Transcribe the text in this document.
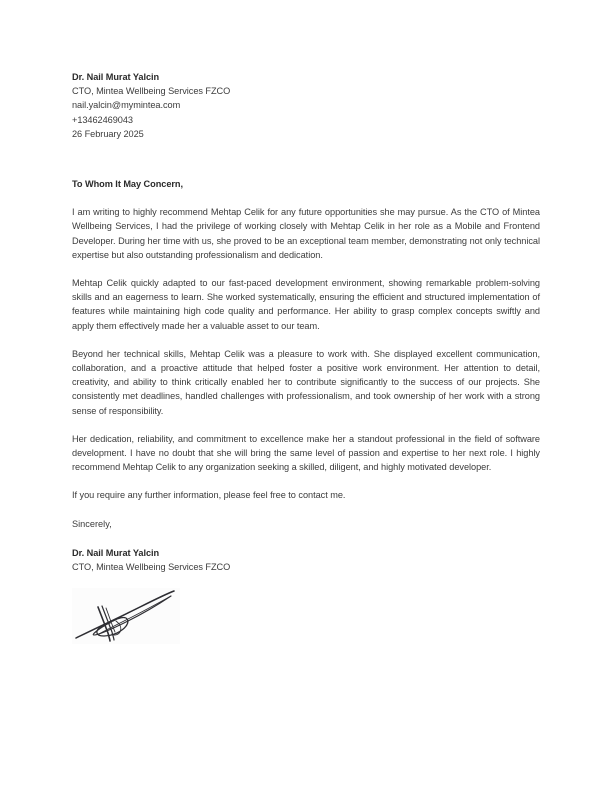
Dr. Nail Murat Yalcin
CTO, Mintea Wellbeing Services FZCO
nail.yalcin@mymintea.com
+13462469043
26 February 2025
To Whom It May Concern,
I am writing to highly recommend Mehtap Celik for any future opportunities she may pursue. As the CTO of Mintea Wellbeing Services, I had the privilege of working closely with Mehtap Celik in her role as a Mobile and Frontend Developer. During her time with us, she proved to be an exceptional team member, demonstrating not only technical expertise but also outstanding professionalism and dedication.
Mehtap Celik quickly adapted to our fast-paced development environment, showing remarkable problem-solving skills and an eagerness to learn. She worked systematically, ensuring the efficient and structured implementation of features while maintaining high code quality and performance. Her ability to grasp complex concepts swiftly and apply them effectively made her a valuable asset to our team.
Beyond her technical skills, Mehtap Celik was a pleasure to work with. She displayed excellent communication, collaboration, and a proactive attitude that helped foster a positive work environment. Her attention to detail, creativity, and ability to think critically enabled her to contribute significantly to the success of our projects. She consistently met deadlines, handled challenges with professionalism, and took ownership of her work with a strong sense of responsibility.
Her dedication, reliability, and commitment to excellence make her a standout professional in the field of software development. I have no doubt that she will bring the same level of passion and expertise to her next role. I highly recommend Mehtap Celik to any organization seeking a skilled, diligent, and highly motivated developer.
If you require any further information, please feel free to contact me.
Sincerely,
Dr. Nail Murat Yalcin
CTO, Mintea Wellbeing Services FZCO
